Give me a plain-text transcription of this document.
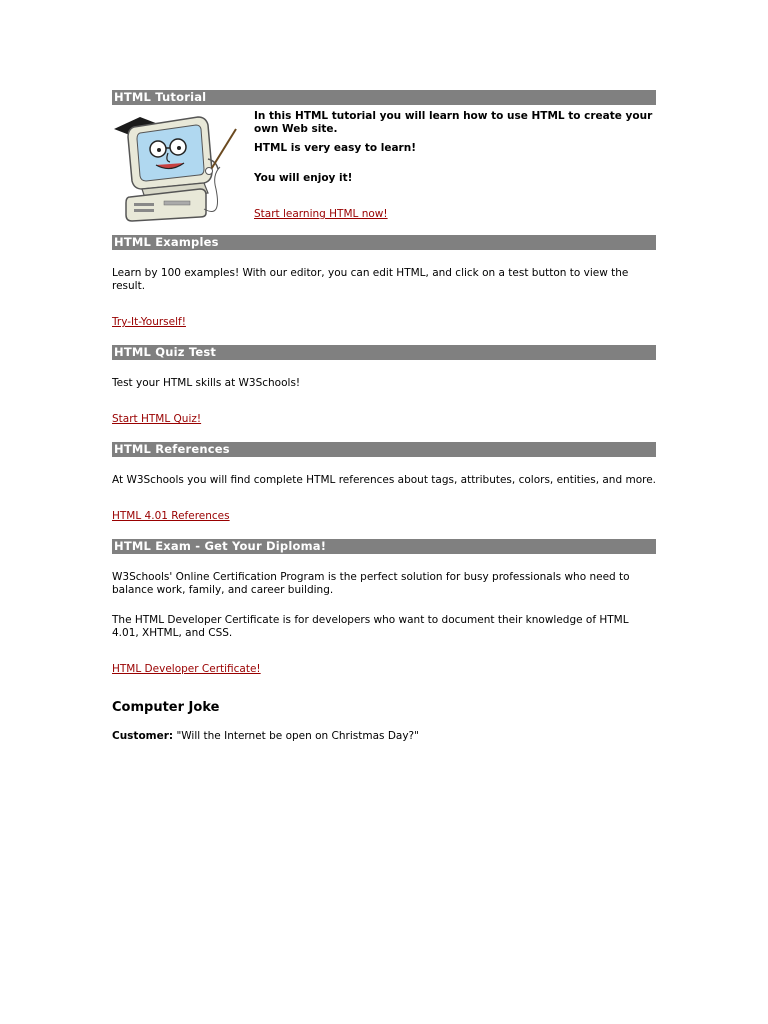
HTML Tutorial

In this HTML tutorial you will learn how to use HTML to create your own Web site.

HTML is very easy to learn!

You will enjoy it!

Start learning HTML now!
HTML Examples

Learn by 100 examples! With our editor, you can edit HTML, and click on a test button to view the result.

Try-It-Yourself!
HTML Quiz Test

Test your HTML skills at W3Schools!

Start HTML Quiz!
HTML References

At W3Schools you will find complete HTML references about tags, attributes, colors, entities, and more.

HTML 4.01 References
HTML Exam - Get Your Diploma!

W3Schools' Online Certification Program is the perfect solution for busy professionals who need to balance work, family, and career building.

The HTML Developer Certificate is for developers who want to document their knowledge of HTML 4.01, XHTML, and CSS.

HTML Developer Certificate!

Computer Joke

Customer: "Will the Internet be open on Christmas Day?"
